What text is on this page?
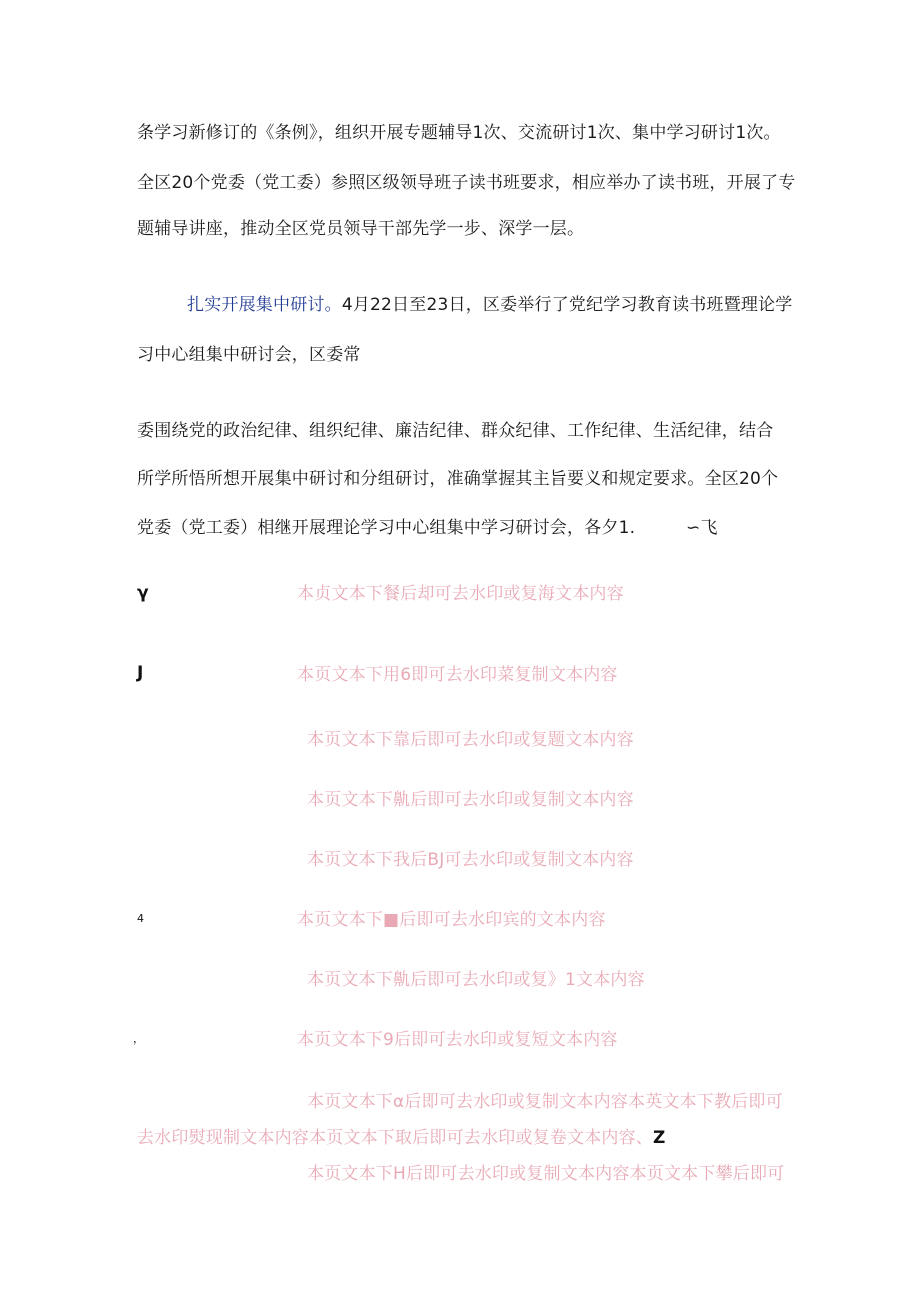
条学习新修订的《条例》，组织开展专题辅导1次、交流研讨1次、集中学习研讨1次。
全区20个党委（党工委）参照区级领导班子读书班要求，相应举办了读书班，开展了专
题辅导讲座，推动全区党员领导干部先学一步、深学一层。
扎实开展集中研讨。4月22日至23日，区委举行了党纪学习教育读书班暨理论学
习中心组集中研讨会，区委常
委围绕党的政治纪律、组织纪律、廉洁纪律、群众纪律、工作纪律、生活纪律，结合
所学所悟所想开展集中研讨和分组研讨，准确掌握其主旨要义和规定要求。全区20个
党委（党工委）相继开展理论学习中心组集中学习研讨会，各夕1.	∽飞
γ
J
4
，
本贞文本下餐后却可去水印或复海文本内容
本页文本下用6即可去水印菜复制文本内容
本页文本下靠后即可去水印或复题文本内容
本页文本下鼽后即可去水印或复制文本内容
本页文本下我后BJ可去水印或复制文本内容
本页文本下■后即可去水印宾的文本内容
本页文本下鼽后即可去水印或复》1文本内容
本页文本下9后即可去水印或复短文本内容
本页文本下α后即可去水印或复制文本内容本英文本下教后即可
去水印熨现制文本内容本页文本下取后即可去水印或复卷文本内容、Z
本页文本下H后即可去水印或复制文本内容本页文本下攀后即可
